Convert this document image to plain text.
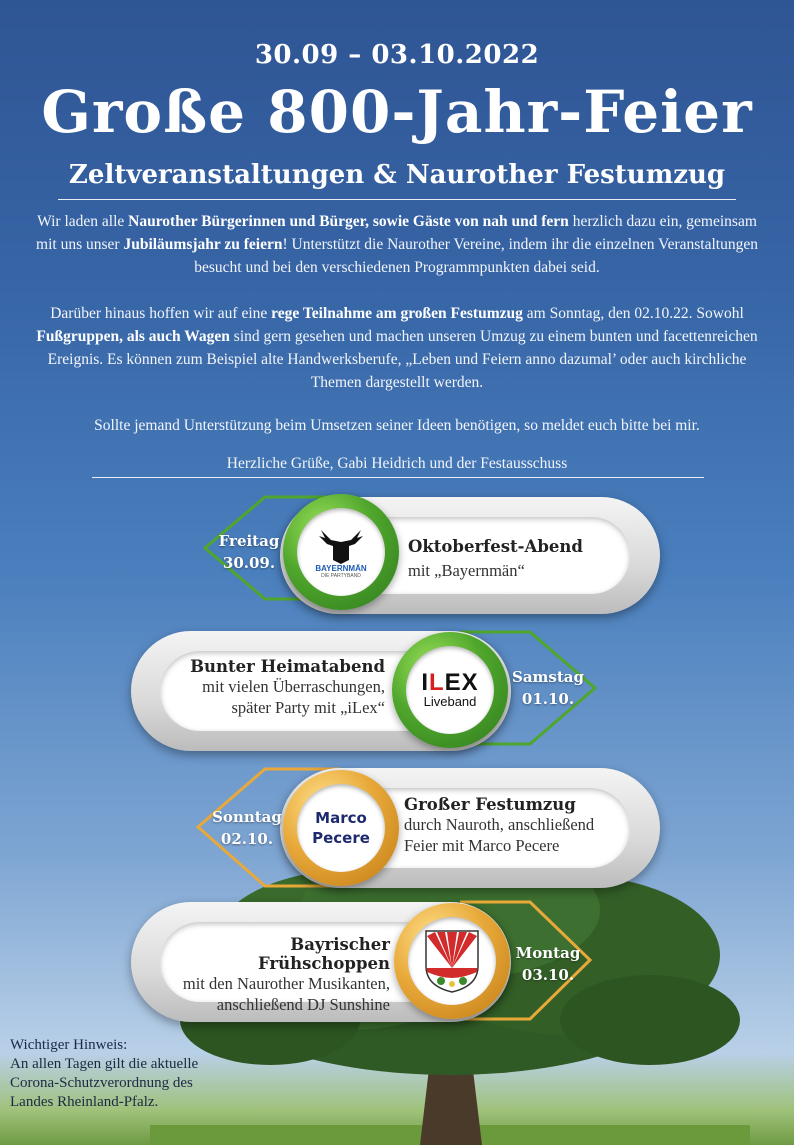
30.09 – 03.10.2022
Große 800-Jahr-Feier
Zeltveranstaltungen & Naurother Festumzug
Wir laden alle Naurother Bürgerinnen und Bürger, sowie Gäste von nah und fern herzlich dazu ein, gemeinsam mit uns unser Jubiläumsjahr zu feiern! Unterstützt die Naurother Vereine, indem ihr die einzelnen Veranstaltungen besucht und bei den verschiedenen Programmpunkten dabei seid.
Darüber hinaus hoffen wir auf eine rege Teilnahme am großen Festumzug am Sonntag, den 02.10.22. Sowohl Fußgruppen, als auch Wagen sind gern gesehen und machen unseren Umzug zu einem bunten und facettenreichen Ereignis. Es können zum Beispiel alte Handwerksberufe, „Leben und Feiern anno dazumal’ oder auch kirchliche Themen dargestellt werden.
Sollte jemand Unterstützung beim Umsetzen seiner Ideen benötigen, so meldet euch bitte bei mir.
Herzliche Grüße, Gabi Heidrich und der Festausschuss
Freitag
30.09.	BAYERNMÄN
DIE PARTYBAND
Oktoberfest-Abend
mit „Bayernmän“
Samstag
01.10.
ILEX
Liveband
Bunter Heimatabend
mit vielen Überraschungen,
später Party mit „iLex“
Sonntag
02.10.
Marco
Pecere
Großer Festumzug
durch Nauroth, anschließend
Feier mit Marco Pecere
Montag
03.10.
Bayrischer Frühschoppen
mit den Naurother Musikanten,
anschließend DJ Sunshine
Wichtiger Hinweis:
An allen Tagen gilt die aktuelle
Corona-Schutzverordnung des
Landes Rheinland-Pfalz.
